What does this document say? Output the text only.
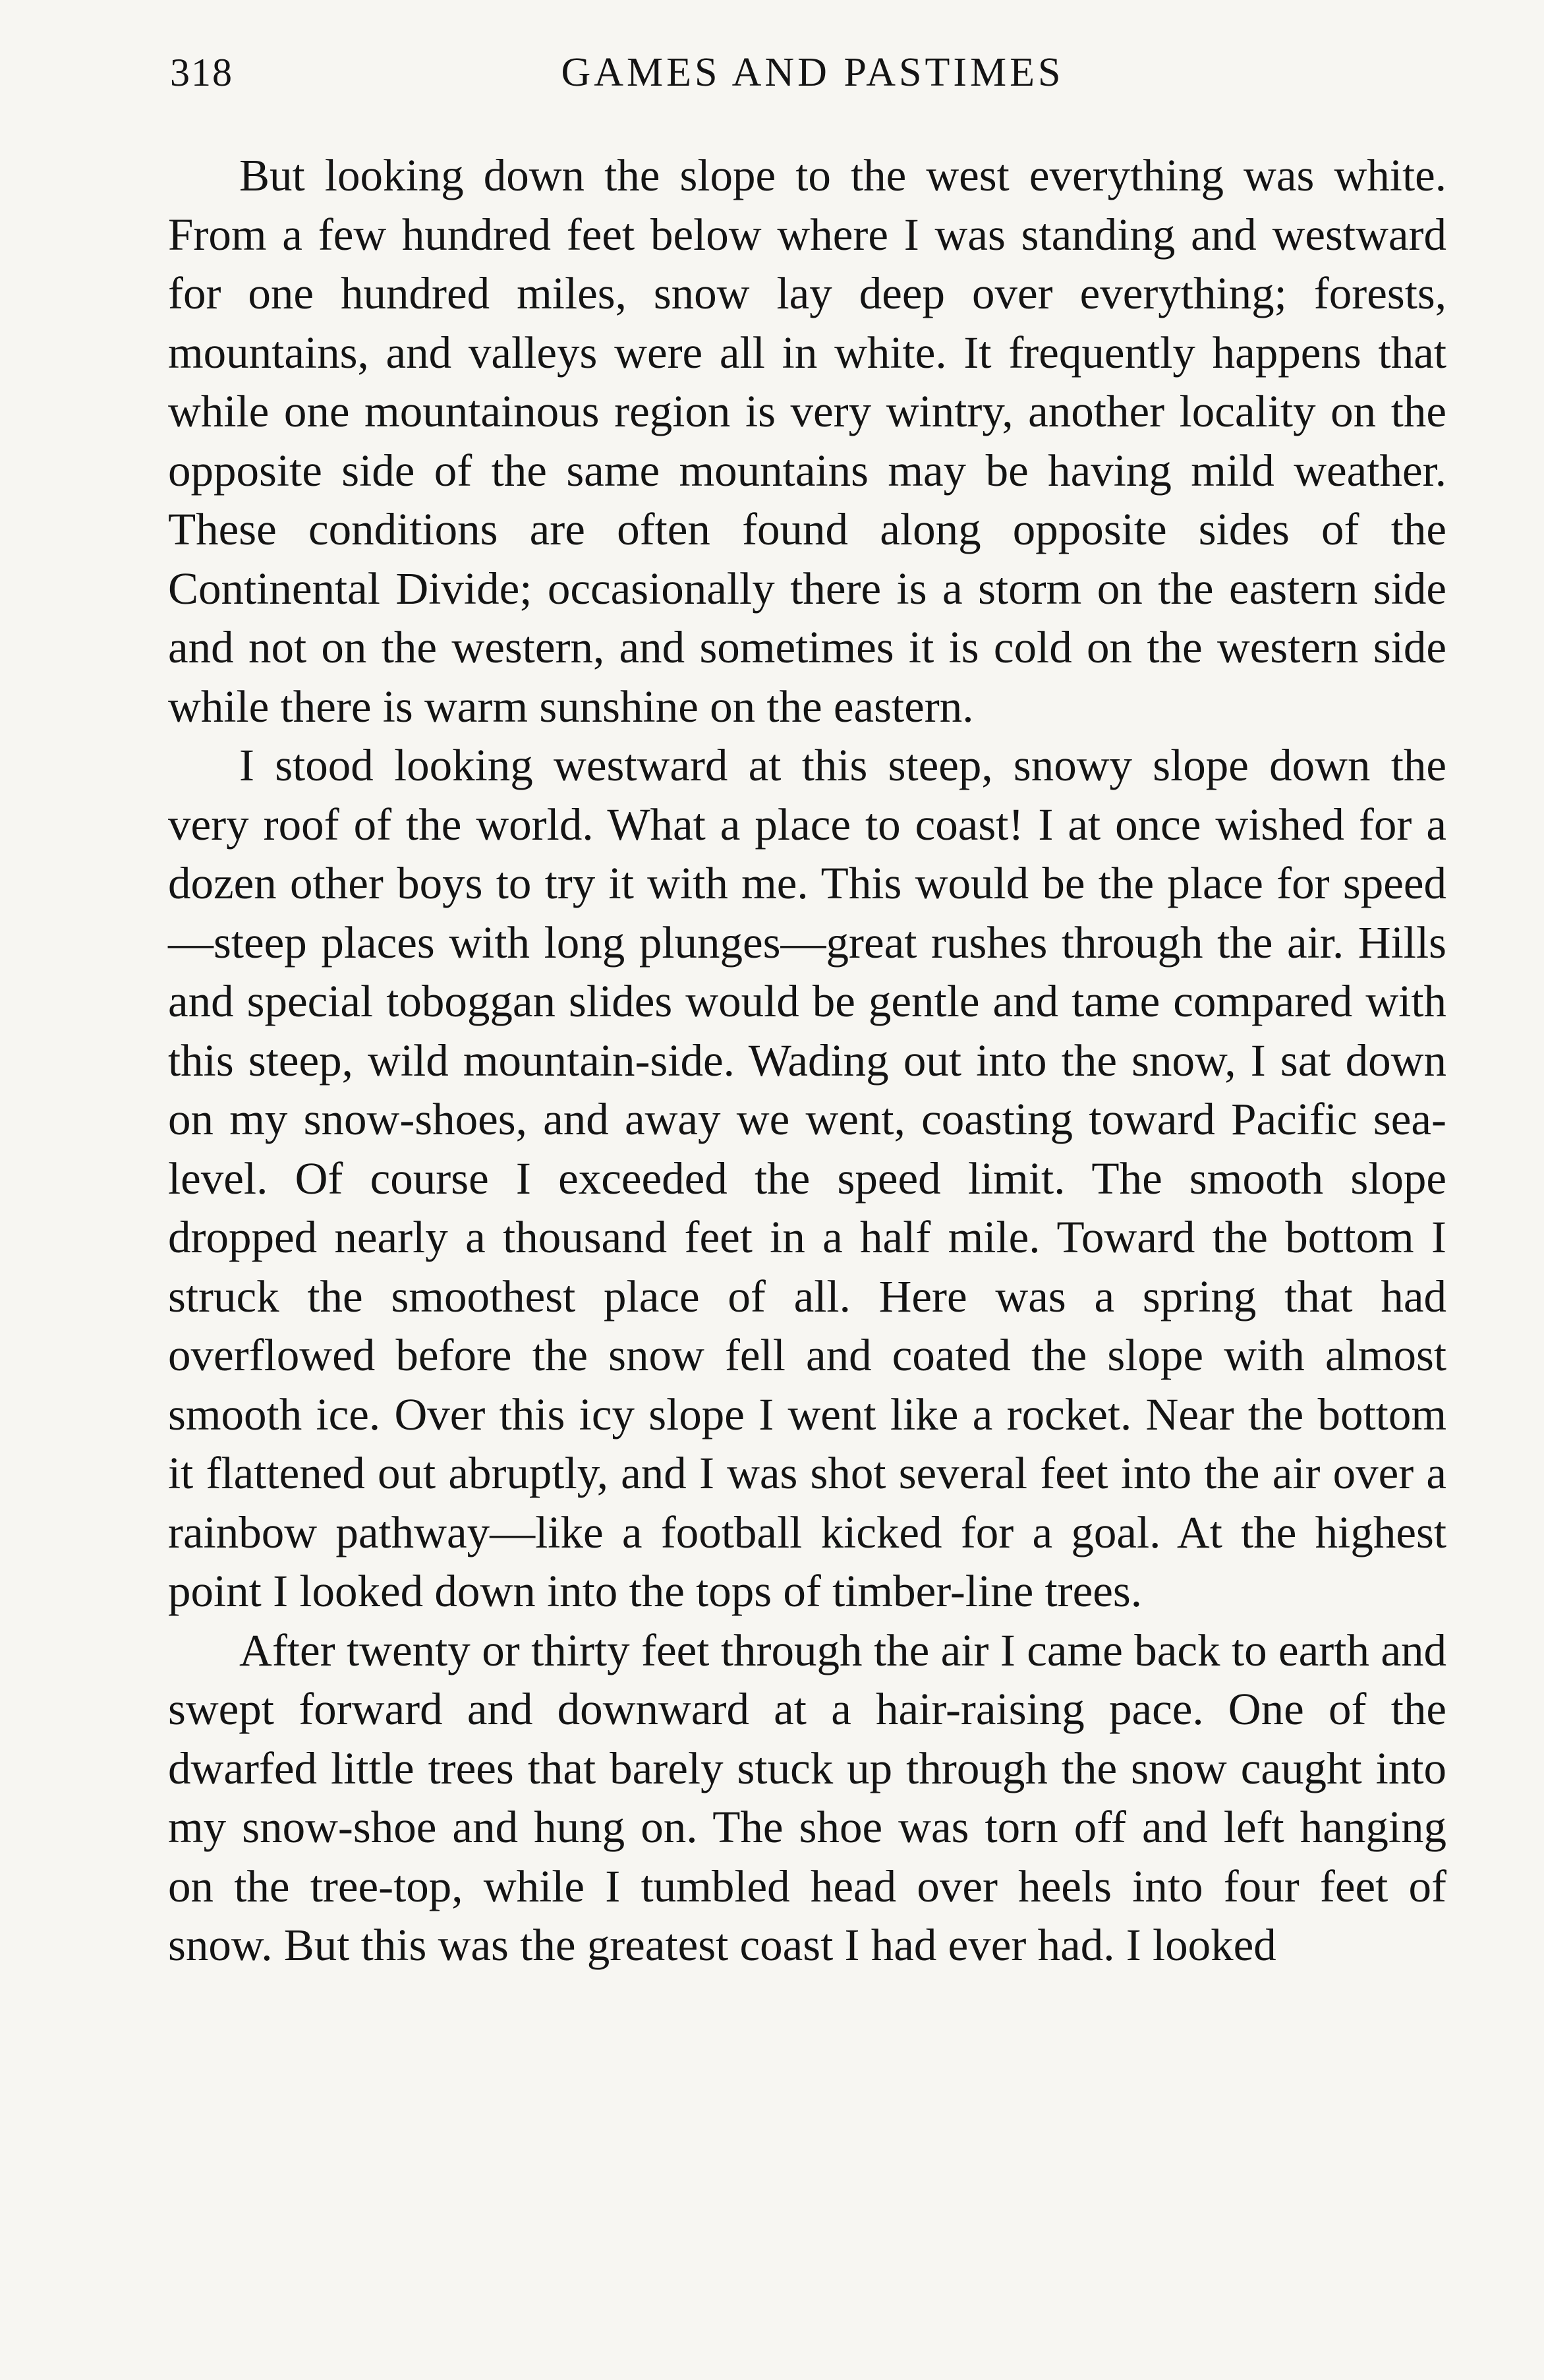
318	GAMES AND PASTIMES

But looking down the slope to the west everything was white. From a few hundred feet below where I was standing and westward for one hundred miles, snow lay deep over everything; forests, mountains, and valleys were all in white. It frequently happens that while one mountainous region is very wintry, another locality on the opposite side of the same mountains may be having mild weather. These conditions are often found along opposite sides of the Continental Divide; occasionally there is a storm on the eastern side and not on the western, and sometimes it is cold on the western side while there is warm sunshine on the eastern.

I stood looking westward at this steep, snowy slope down the very roof of the world. What a place to coast! I at once wished for a dozen other boys to try it with me. This would be the place for speed—steep places with long plunges—great rushes through the air. Hills and special toboggan slides would be gentle and tame compared with this steep, wild mountain-side. Wading out into the snow, I sat down on my snow-shoes, and away we went, coasting toward Pacific sea-level. Of course I exceeded the speed limit. The smooth slope dropped nearly a thousand feet in a half mile. Toward the bottom I struck the smoothest place of all. Here was a spring that had overflowed before the snow fell and coated the slope with almost smooth ice. Over this icy slope I went like a rocket. Near the bottom it flattened out abruptly, and I was shot several feet into the air over a rainbow pathway—like a football kicked for a goal. At the highest point I looked down into the tops of timber-line trees.

After twenty or thirty feet through the air I came back to earth and swept forward and downward at a hair-raising pace. One of the dwarfed little trees that barely stuck up through the snow caught into my snow-shoe and hung on. The shoe was torn off and left hanging on the tree-top, while I tumbled head over heels into four feet of snow. But this was the greatest coast I had ever had. I looked
